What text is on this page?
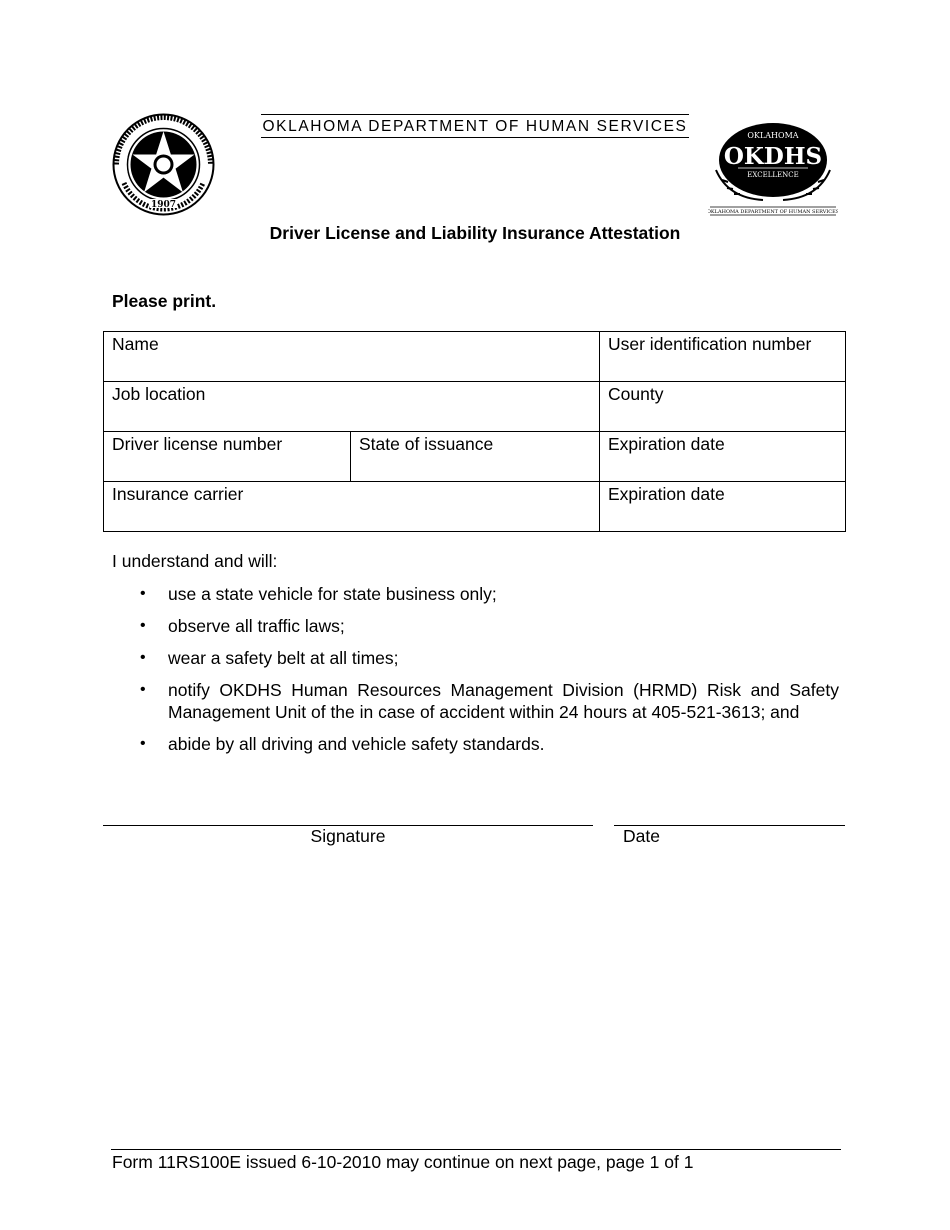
1907
OKLAHOMA DEPARTMENT OF HUMAN SERVICES
OKLAHOMA
OKDHS
EXCELLENCE
OKLAHOMA DEPARTMENT OF HUMAN SERVICES
Driver License and Liability Insurance Attestation
Please print.
Name		User identification number
Job location		County
Driver license number	State of issuance	Expiration date
Insurance carrier		Expiration date
I understand and will:
• use a state vehicle for state business only;
• observe all traffic laws;
• wear a safety belt at all times;
• notify OKDHS Human Resources Management Division (HRMD) Risk and Safety Management Unit of the in case of accident within 24 hours at 405-521-3613; and
• abide by all driving and vehicle safety standards.
Signature	Date
Form 11RS100E issued 6-10-2010 may continue on next page, page 1 of 1
